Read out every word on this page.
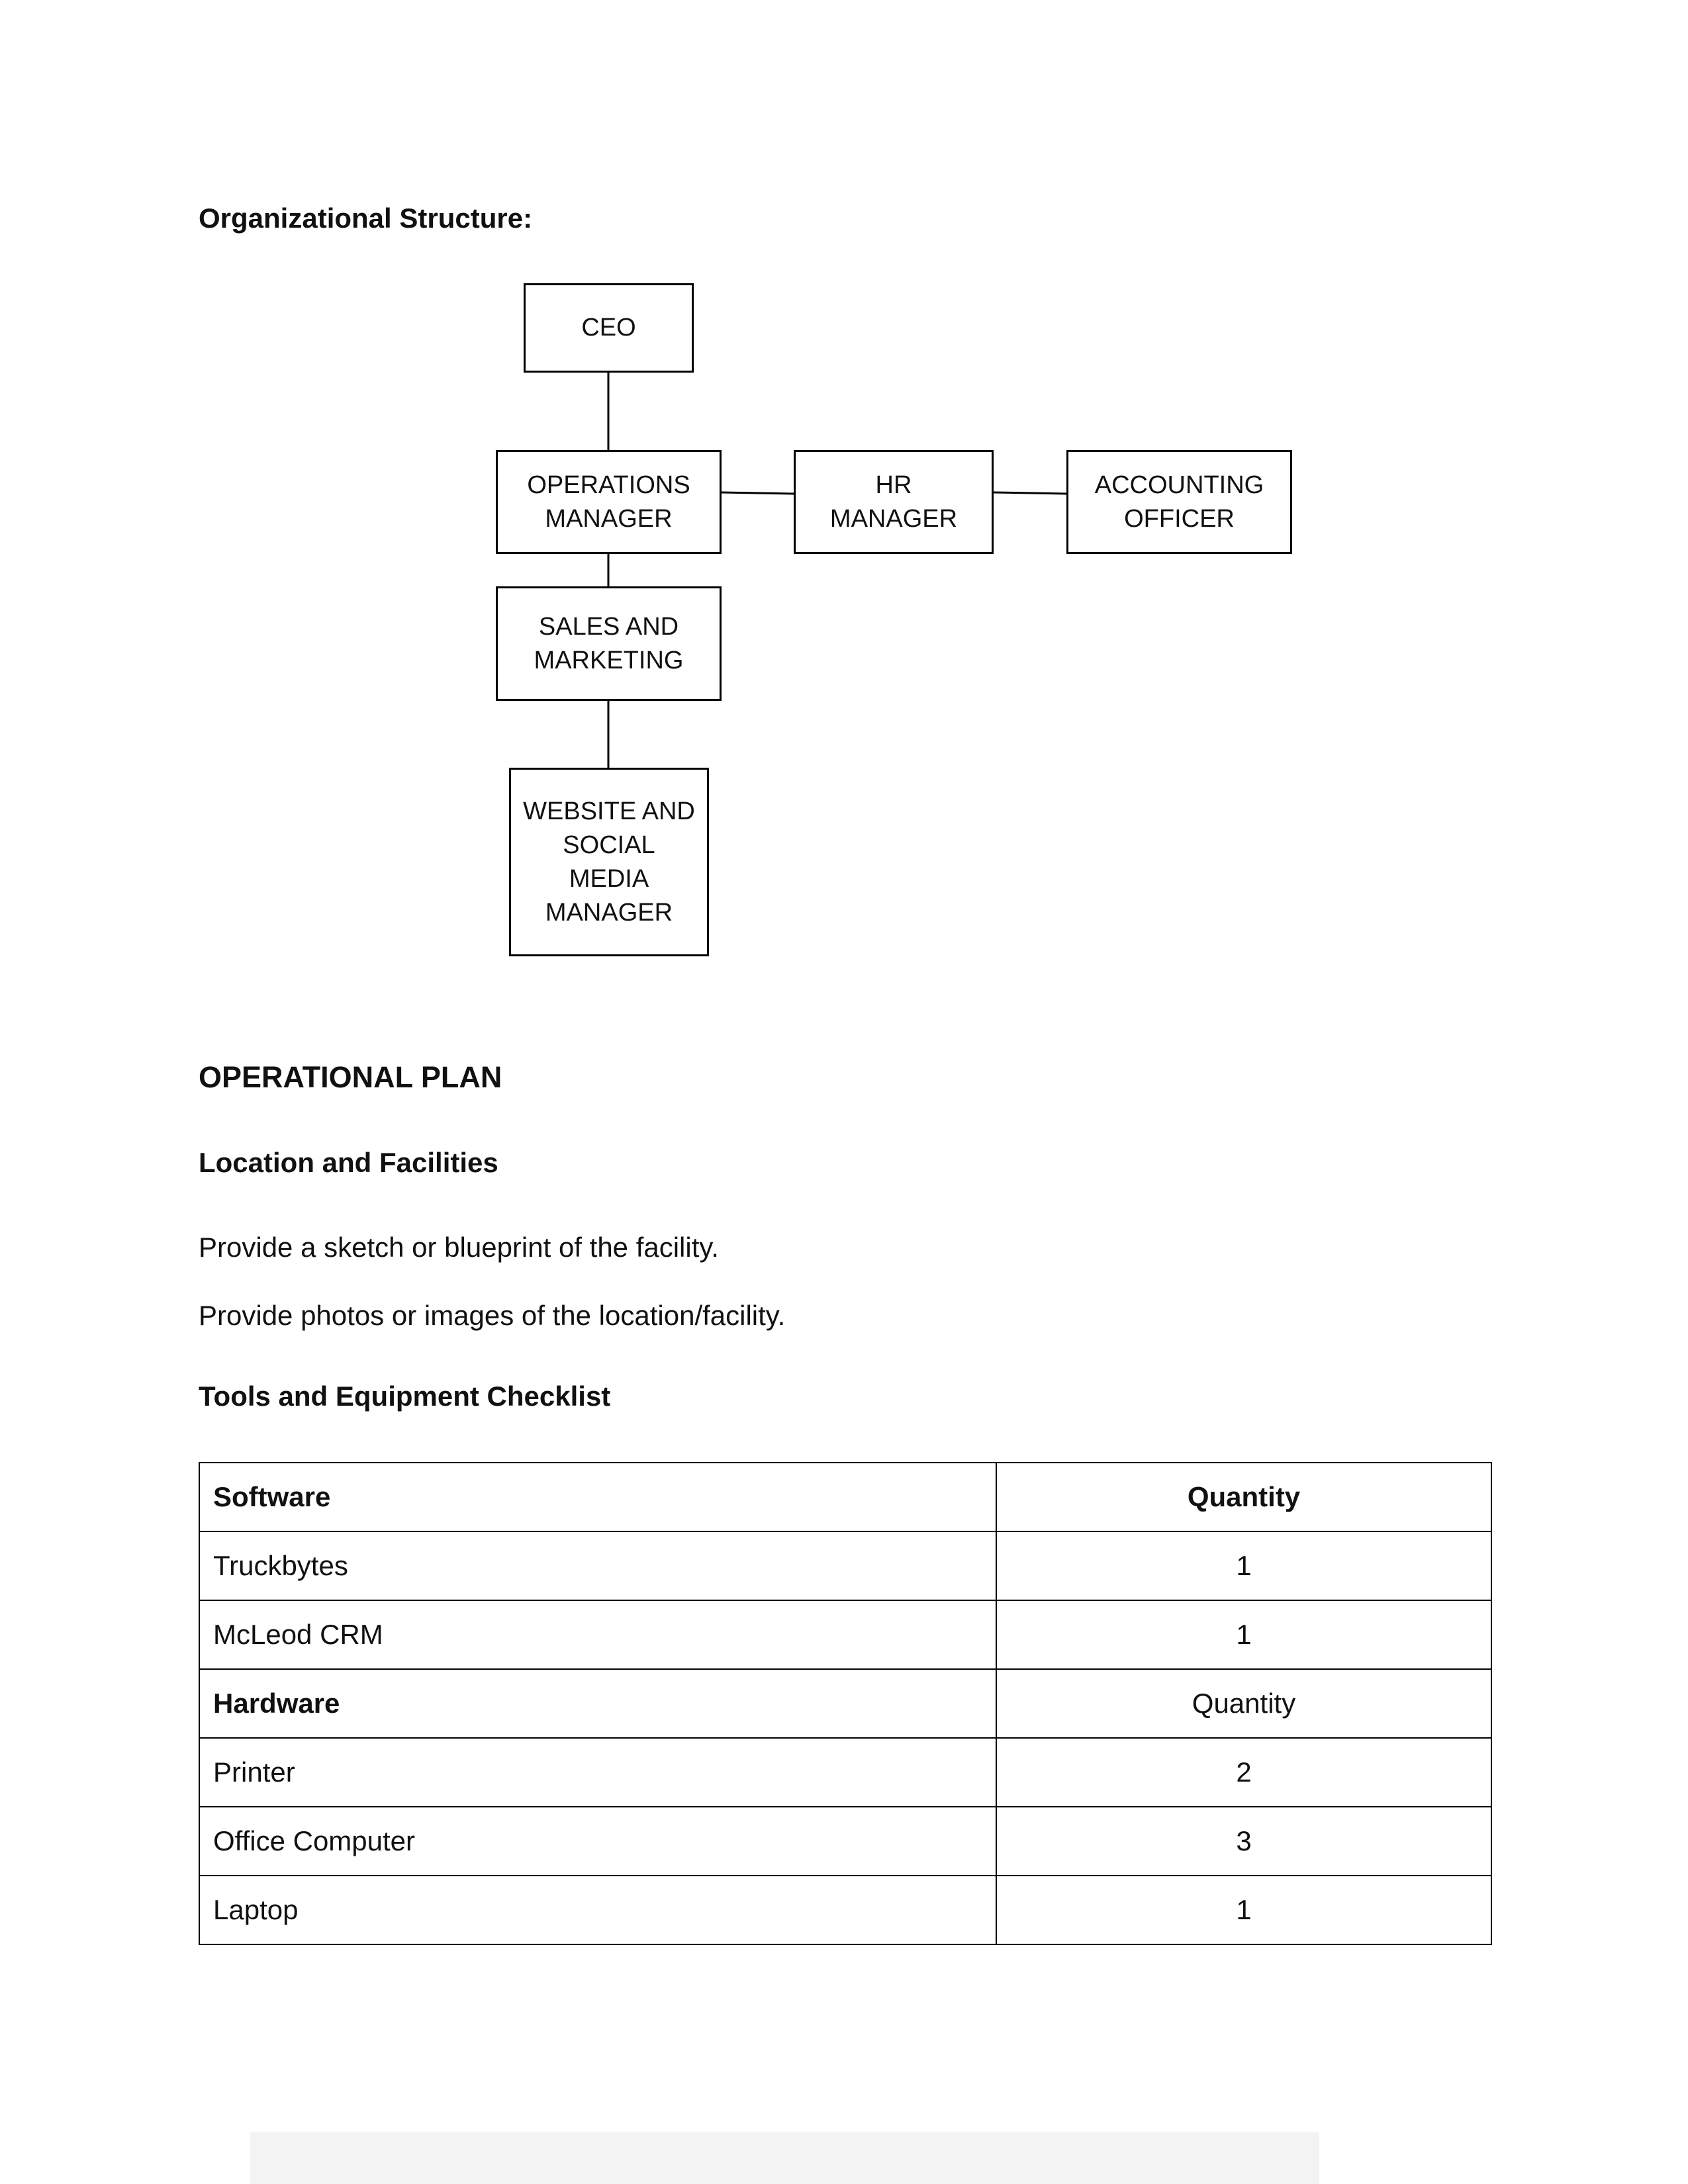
Organizational Structure:
CEO
OPERATIONS
MANAGER
HR
MANAGER
ACCOUNTING
OFFICER
SALES AND
MARKETING
WEBSITE AND
SOCIAL
MEDIA
MANAGER
OPERATIONAL PLAN
Location and Facilities
Provide a sketch or blueprint of the facility.
Provide photos or images of the location/facility.
Tools and Equipment Checklist
Software	Quantity
Truckbytes	1
McLeod CRM	1
Hardware	Quantity
Printer	2
Office Computer	3
Laptop	1
